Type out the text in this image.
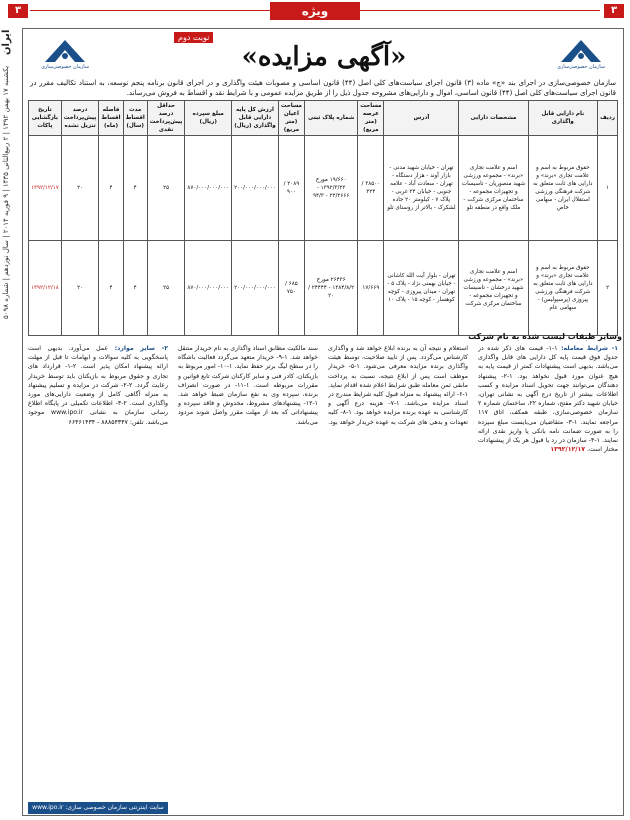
۳	ویژه	۳
ایران
یکشنبه ۱۷ بهمن ۱۳۹۲ | ۲ ربیع‌الثانی ۱۴۳۵ | ۹ فوریه ۲۰۱۴ | سال نوزدهم | شماره ۵۰۹۸	سازمان خصوصی‌سازی
نوبت دوم
«آگهی مزایده»
سازمان خصوصی‌سازی
سازمان خصوصی‌سازی در اجرای بند «ج» ماده (۳) قانون اجرای سیاست‌های کلی اصل (۴۴) قانون اساسی و مصوبات هیئت واگذاری و در اجرای قانون برنامه پنجم توسعه، به استناد تکالیف مقرر در قانون اجرای سیاست‌های کلی اصل (۴۴) قانون اساسی، اموال و دارایی‌های مشروحه جدول ذیل را از طریق مزایده عمومی و با شرایط نقد و اقساط به فروش می‌رساند.
ردیف	نام دارایی قابل واگذاری	مشخصات دارایی	آدرس	مساحت عرصه (متر مربع)	شماره پلاک ثبتی	مساحت اعیان (متر مربع)	ارزش کل پایه دارایی قابل واگذاری (ریال)	مبلغ سپرده (ریال)	حداقل درصد پیش‌پرداخت نقدی	مدت اقساط (سال)	فاصله اقساط (ماه)	درصد پیش‌پرداخت تنزیل نشده	تاریخ بازگشایی پاکات
۱	حقوق مربوط به اسم و علامت تجاری «برند» و دارایی های ثابت متعلق به شرکت فرهنگی ورزشی استقلال ایران - سهامی خاص	اسم و علامت تجاری «برند» - مجموعه ورزشی شهید منصوریان - تاسیسات و تجهیزات مجموعه - ساختمان مرکزی شرکت - ملک واقع در منطقه تلو	تهران - خیابان شهید مدنی - بازار آوند - هزار دستگاه - تهران - سعادت آباد - علامه جنوبی - خیابان ۲۴ غربی - پلاک ۷ - کیلومتر ۲۰ جاده لشکرک - بالاتر از روستای تلو	۳۸۵۰۰ / ۳۲۴	۱۹/۶۶۰ مورخ ۱۳۹۲/۳/۲۲ - ۲۲/۲۶۶۶ - ۹۴/۳	۲۰۸۹ / ۹۰۰	۲۰۰/۰۰۰/۰۰۰/۰۰۰	۸۷۰/۰۰۰/۰۰۰/۰۰۰	۲۵	۴	۴	۲۰	۱۳۹۲/۱۲/۱۷
۲	حقوق مربوط به اسم و علامت تجاری «برند» و دارایی های ثابت متعلق به شرکت فرهنگی ورزشی پیروزی (پرسپولیس) - سهامی عام	اسم و علامت تجاری «برند» - مجموعه ورزشی شهید درخشان - تاسیسات و تجهیزات مجموعه - ساختمان مرکزی شرکت	تهران - بلوار آیت الله کاشانی - خیابان بهمنی نژاد - پلاک ۵ - تهران - میدان پیروزی - کوچه کوهسار - کوچه ۱۵ - پلاک ۱۰	۱۷/۶۶۹	۲۶۴۳۶ مورخ ۱۳۸۴/۸/۲ - ۲۴۴۴۴ / ۲۰	۶۸۵ / ۷۵۰	۲۰۰/۰۰۰/۰۰۰/۰۰۰	۸۷۰/۰۰۰/۰۰۰/۰۰۰	۲۵	۴	۴	۲۰	۱۳۹۲/۱۲/۱۸
وسایر طبقات لیست شده به نام شرکت
۱- شرایط معامله: ۱-۱- قیمت های ذکر شده در جدول فوق قیمت پایه کل دارایی های قابل واگذاری می‌باشد. بدیهی است پیشنهادات کمتر از قیمت پایه به هیچ عنوان مورد قبول نخواهد بود. ۱-۲- پیشنهاد دهندگان می‌توانند جهت تحویل اسناد مزایده و کسب اطلاعات بیشتر از تاریخ درج آگهی به نشانی تهران، خیابان شهید دکتر مفتح، شماره ۲۲، ساختمان شماره ۲ سازمان خصوصی‌سازی، طبقه همکف، اتاق ۱۱۷ مراجعه نمایند. ۱-۳- متقاضیان می‌بایست مبلغ سپرده را به صورت ضمانت نامه بانکی یا واریز نقدی ارائه نمایند. ۱-۴- سازمان در رد یا قبول هر یک از پیشنهادات مختار است. ۱۳۹۲/۱۲/۱۷
استعلام و نتیجه آن به برنده ابلاغ خواهد شد و واگذاری کارشناس می‌گردد. پس از تایید صلاحیت، توسط هیئت واگذاری برنده مزایده معرفی می‌شود. ۱-۵- خریدار موظف است پس از ابلاغ نتیجه، نسبت به پرداخت مابقی ثمن معامله طبق شرایط اعلام شده اقدام نماید. ۱-۶- ارائه پیشنهاد به منزله قبول کلیه شرایط مندرج در اسناد مزایده می‌باشد. ۱-۷- هزینه درج آگهی و کارشناسی به عهده برنده مزایده خواهد بود. ۱-۸- کلیه تعهدات و بدهی های شرکت به عهده خریدار خواهد بود.
سند مالکیت مطابق اسناد واگذاری به نام خریدار منتقل خواهد شد. ۱-۹- خریدار متعهد می‌گردد فعالیت باشگاه را در سطح لیگ برتر حفظ نماید. ۱-۱۰- امور مربوط به بازیکنان، کادر فنی و سایر کارکنان شرکت تابع قوانین و مقررات مربوطه است. ۱-۱۱- در صورت انصراف برنده، سپرده وی به نفع سازمان ضبط خواهد شد. ۱-۱۲- پیشنهادهای مشروط، مخدوش و فاقد سپرده و پیشنهاداتی که بعد از مهلت مقرر واصل شوند مردود می‌باشد.
۲- سایر موارد: عمل می‌آورد. بدیهی است پاسخگویی به کلیه سوالات و ابهامات تا قبل از مهلت ارائه پیشنهاد امکان پذیر است. ۲-۱- قرارداد های تجاری و حقوق مربوط به بازیکنان باید توسط خریدار رعایت گردد. ۲-۲- شرکت در مزایده و تسلیم پیشنهاد به منزله آگاهی کامل از وضعیت دارایی‌های مورد واگذاری است. ۲-۳- اطلاعات تکمیلی در پایگاه اطلاع رسانی سازمان به نشانی www.ipo.ir موجود می‌باشد. تلفن: ۸۸۸۵۴۳۴۷ - ۶۶۴۶۱۴۳۴
سایت اینترنتی سازمان خصوصی سازی: www.ipo.ir
